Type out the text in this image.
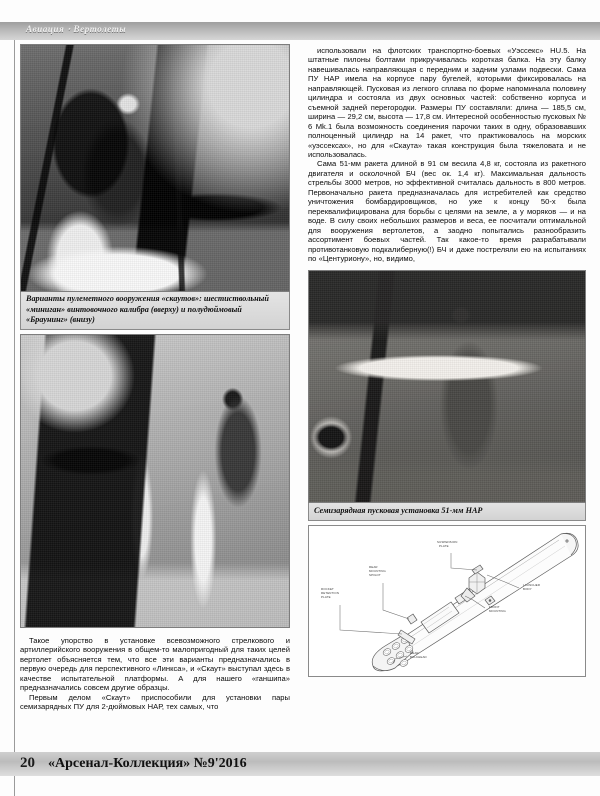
Авиация ⋅ Вертолеты
Варианты пулеметного вооружения «скаутов»: шестиствольный «миниган» винтовочного калибра (вверху) и полудюймовый «Браунинг» (внизу)

Такое упорство в установке всевозможного стрелкового и артиллерийского вооружения в общем-то малопригодный для таких целей вертолет объясняется тем, что все эти варианты предназначались в первую очередь для перспективного «Линкса», и «Скаут» выступал здесь в качестве испытательной платформы. А для нашего «ганшипа» предназначались совсем другие образцы.

Первым делом «Скаут» приспособили для установки пары семизарядных ПУ для 2-дюймовых НАР, тех самых, что

использовали на флотских транспортно-боевых «Уэссекс» HU.5. На штатные пилоны болтами прикручивалась короткая балка. На эту балку навешивалась направляющая с передним и задним узлами подвески. Сама ПУ НАР имела на корпусе пару бугелей, которыми фиксировалась на направляющей. Пусковая из легкого сплава по форме напоминала половину цилиндра и состояла из двух основных частей: собственно корпуса и съемной задней перегородки. Размеры ПУ составляли: длина — 185,5 см, ширина — 29,2 см, высота — 17,8 см. Интересной особенностью пусковых № 6 Mk.1 была возможность соединения парочки таких в одну, образовавших полноценный цилиндр на 14 ракет, что практиковалось на морских «уэссексах», но для «Скаута» такая конструкция была тяжеловата и не использовалась.

Сама 51-мм ракета длиной в 91 см весила 4,8 кг, состояла из ракетного двигателя и осколочной БЧ (вес ок. 1,4 кг). Максимальная дальность стрельбы 3000 метров, но эффективной считалась дальность в 800 метров. Первоначально ракета предназначалась для истребителей как средство уничтожения бомбардировщиков, но уже к концу 50-х была переквалифицирована для борьбы с целями на земле, а у моряков — и на воде. В силу своих небольших размеров и веса, ее посчитали оптимальной для вооружения вертолетов, а заодно попытались разнообразить ассортимент боевых частей. Так какое-то время разрабатывали противотанковую подкалиберную(!) БЧ и даже постреляли ею на испытаниях по «Центуриону», но, видимо,

Семизарядная пусковая установка 51-мм НАР
SUSPENSION PLATE
REAR MOUNTING SPIGOT
ROCKET RETENTION PLATE
LAUNCHER BODY
FRONT MOUNTING
REAR BULKHEAD
20 «Арсенал-Коллекция» №9'2016
